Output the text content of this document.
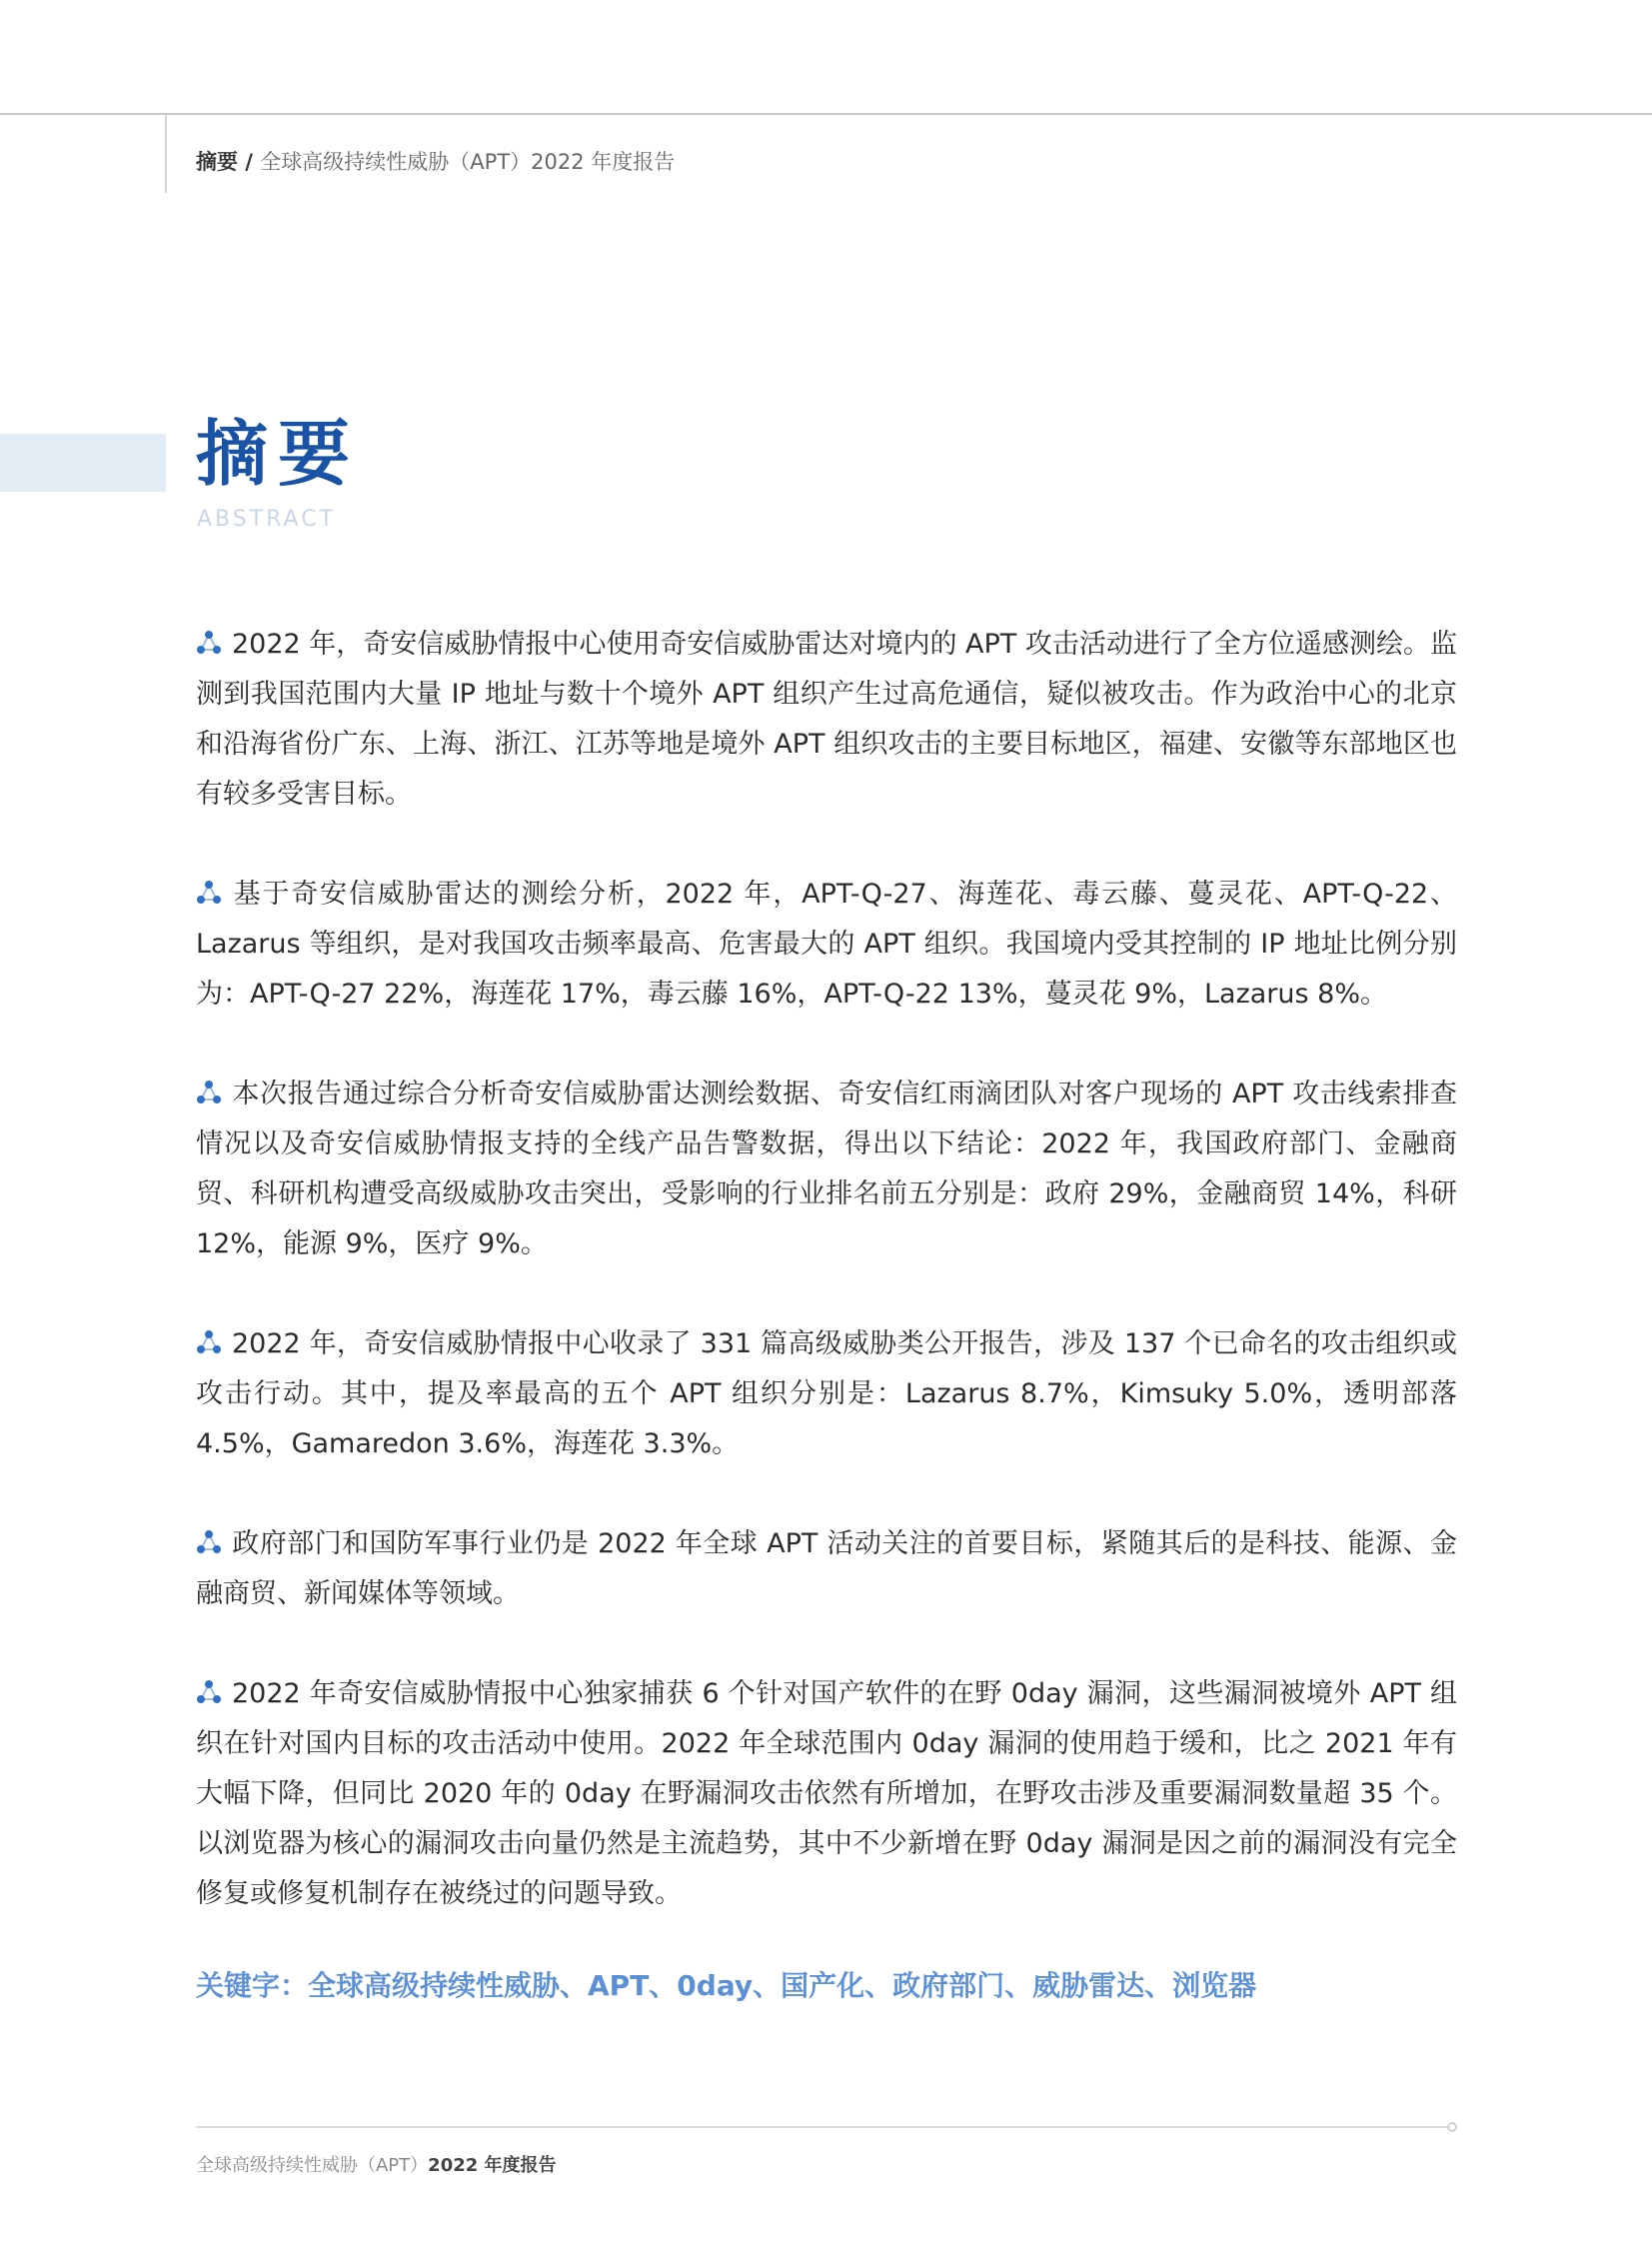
摘要 / 全球高级持续性威胁（APT）2022 年度报告
摘要
ABSTRACT

2022 年，奇安信威胁情报中心使用奇安信威胁雷达对境内的 APT 攻击活动进行了全方位遥感测绘。监测到我国范围内大量 IP 地址与数十个境外 APT 组织产生过高危通信，疑似被攻击。作为政治中心的北京和沿海省份广东、上海、浙江、江苏等地是境外 APT 组织攻击的主要目标地区，福建、安徽等东部地区也有较多受害目标。

基于奇安信威胁雷达的测绘分析，2022 年，APT-Q-27、海莲花、毒云藤、蔓灵花、APT-Q-22、Lazarus 等组织，是对我国攻击频率最高、危害最大的 APT 组织。我国境内受其控制的 IP 地址比例分别为：APT-Q-27 22%，海莲花 17%，毒云藤 16%，APT-Q-22 13%，蔓灵花 9%，Lazarus 8%。

本次报告通过综合分析奇安信威胁雷达测绘数据、奇安信红雨滴团队对客户现场的 APT 攻击线索排查情况以及奇安信威胁情报支持的全线产品告警数据，得出以下结论：2022 年，我国政府部门、金融商贸、科研机构遭受高级威胁攻击突出，受影响的行业排名前五分别是：政府 29%，金融商贸 14%，科研 12%，能源 9%，医疗 9%。

2022 年，奇安信威胁情报中心收录了 331 篇高级威胁类公开报告，涉及 137 个已命名的攻击组织或攻击行动。其中，提及率最高的五个 APT 组织分别是：Lazarus 8.7%，Kimsuky 5.0%，透明部落 4.5%，Gamaredon 3.6%，海莲花 3.3%。

政府部门和国防军事行业仍是 2022 年全球 APT 活动关注的首要目标，紧随其后的是科技、能源、金融商贸、新闻媒体等领域。

2022 年奇安信威胁情报中心独家捕获 6 个针对国产软件的在野 0day 漏洞，这些漏洞被境外 APT 组织在针对国内目标的攻击活动中使用。2022 年全球范围内 0day 漏洞的使用趋于缓和，比之 2021 年有大幅下降，但同比 2020 年的 0day 在野漏洞攻击依然有所增加，在野攻击涉及重要漏洞数量超 35 个。以浏览器为核心的漏洞攻击向量仍然是主流趋势，其中不少新增在野 0day 漏洞是因之前的漏洞没有完全修复或修复机制存在被绕过的问题导致。

关键字：全球高级持续性威胁、APT、0day、国产化、政府部门、威胁雷达、浏览器
全球高级持续性威胁（APT）2022 年度报告
